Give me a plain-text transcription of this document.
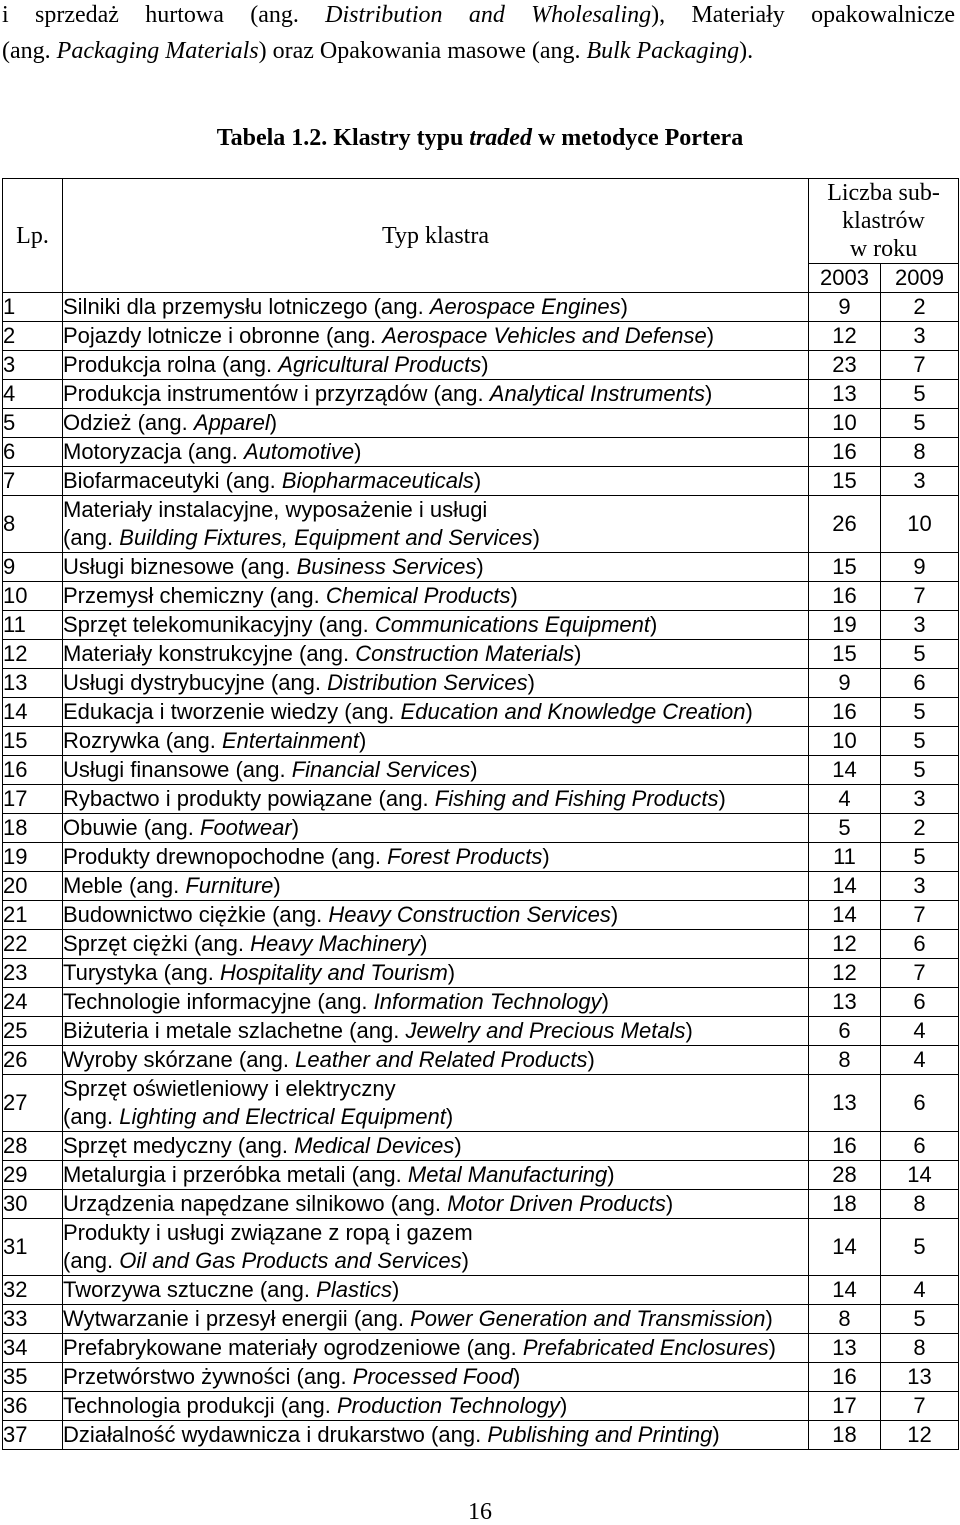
i sprzedaż hurtowa (ang. Distribution and Wholesaling), Materiały opakowalnicze
(ang. Packaging Materials) oraz Opakowania masowe (ang. Bulk Packaging).
Tabela 1.2. Klastry typu traded w metodyce Portera
Lp.	Typ klastra	Liczba sub-
klastrów
w roku	
		2003	2009
1	Silniki dla przemysłu lotniczego (ang. Aerospace Engines)	9	2
2	Pojazdy lotnicze i obronne (ang. Aerospace Vehicles and Defense)	12	3
3	Produkcja rolna (ang. Agricultural Products)	23	7
4	Produkcja instrumentów i przyrządów (ang. Analytical Instruments)	13	5
5	Odzież (ang. Apparel)	10	5
6	Motoryzacja (ang. Automotive)	16	8
7	Biofarmaceutyki (ang. Biopharmaceuticals)	15	3
8	Materiały instalacyjne, wyposażenie i usługi
(ang. Building Fixtures, Equipment and Services)	26	10
9	Usługi biznesowe (ang. Business Services)	15	9
10	Przemysł chemiczny (ang. Chemical Products)	16	7
11	Sprzęt telekomunikacyjny (ang. Communications Equipment)	19	3
12	Materiały konstrukcyjne (ang. Construction Materials)	15	5
13	Usługi dystrybucyjne (ang. Distribution Services)	9	6
14	Edukacja i tworzenie wiedzy (ang. Education and Knowledge Creation)	16	5
15	Rozrywka (ang. Entertainment)	10	5
16	Usługi finansowe (ang. Financial Services)	14	5
17	Rybactwo i produkty powiązane (ang. Fishing and Fishing Products)	4	3
18	Obuwie (ang. Footwear)	5	2
19	Produkty drewnopochodne (ang. Forest Products)	11	5
20	Meble (ang. Furniture)	14	3
21	Budownictwo ciężkie (ang. Heavy Construction Services)	14	7
22	Sprzęt ciężki (ang. Heavy Machinery)	12	6
23	Turystyka (ang. Hospitality and Tourism)	12	7
24	Technologie informacyjne (ang. Information Technology)	13	6
25	Biżuteria i metale szlachetne (ang. Jewelry and Precious Metals)	6	4
26	Wyroby skórzane (ang. Leather and Related Products)	8	4
27	Sprzęt oświetleniowy i elektryczny
(ang. Lighting and Electrical Equipment)	13	6
28	Sprzęt medyczny (ang. Medical Devices)	16	6
29	Metalurgia i przeróbka metali (ang. Metal Manufacturing)	28	14
30	Urządzenia napędzane silnikowo (ang. Motor Driven Products)	18	8
31	Produkty i usługi związane z ropą i gazem
(ang. Oil and Gas Products and Services)	14	5
32	Tworzywa sztuczne (ang. Plastics)	14	4
33	Wytwarzanie i przesył energii (ang. Power Generation and Transmission)	8	5
34	Prefabrykowane materiały ogrodzeniowe (ang. Prefabricated Enclosures)	13	8
35	Przetwórstwo żywności (ang. Processed Food)	16	13
36	Technologia produkcji (ang. Production Technology)	17	7
37	Działalność wydawnicza i drukarstwo (ang. Publishing and Printing)	18	12
16
